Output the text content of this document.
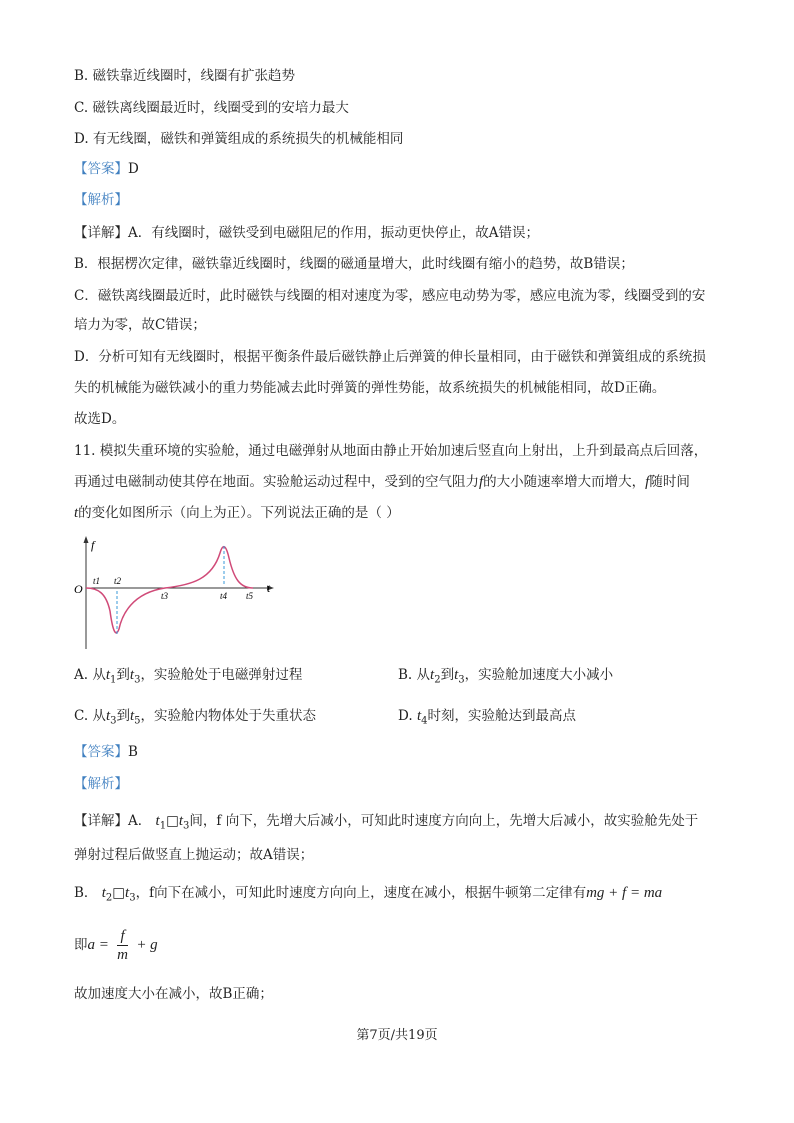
B. 磁铁靠近线圈时，线圈有扩张趋势
C. 磁铁离线圈最近时，线圈受到的安培力最大
D. 有无线圈，磁铁和弹簧组成的系统损失的机械能相同
【答案】D
【解析】
【详解】A．有线圈时，磁铁受到电磁阻尼的作用，振动更快停止，故A错误；
B．根据楞次定律，磁铁靠近线圈时，线圈的磁通量增大，此时线圈有缩小的趋势，故B错误；
C．磁铁离线圈最近时，此时磁铁与线圈的相对速度为零，感应电动势为零，感应电流为零，线圈受到的安
培力为零，故C错误；
D．分析可知有无线圈时，根据平衡条件最后磁铁静止后弹簧的伸长量相同，由于磁铁和弹簧组成的系统损
失的机械能为磁铁减小的重力势能减去此时弹簧的弹性势能，故系统损失的机械能相同，故D正确。
故选D。
11. 模拟失重环境的实验舱，通过电磁弹射从地面由静止开始加速后竖直向上射出，上升到最高点后回落，
再通过电磁制动使其停在地面。实验舱运动过程中，受到的空气阻力f的大小随速率增大而增大，f随时间
t的变化如图所示（向上为正）。下列说法正确的是（ ）
O
f
t
t1 t2
t3	t4 t5
A. 从$t_1$到$t_3$，实验舱处于电磁弹射过程	B. 从$t_2$到$t_3$，实验舱加速度大小减小
C. 从$t_3$到$t_5$，实验舱内物体处于失重状态	D. $t_4$时刻，实验舱达到最高点
【答案】B
【解析】
【详解】A． $t_1□t_3$间，f 向下，先增大后减小，可知此时速度方向向上，先增大后减小，故实验舱先处于
弹射过程后做竖直上抛运动；故A错误；
B． $t_2□t_3$，f向下在减小，可知此时速度方向向上，速度在减小，根据牛顿第二定律有mg + f = ma
即$a = \frac{f}{m} + g$
故加速度大小在减小，故B正确；
第7页/共19页
